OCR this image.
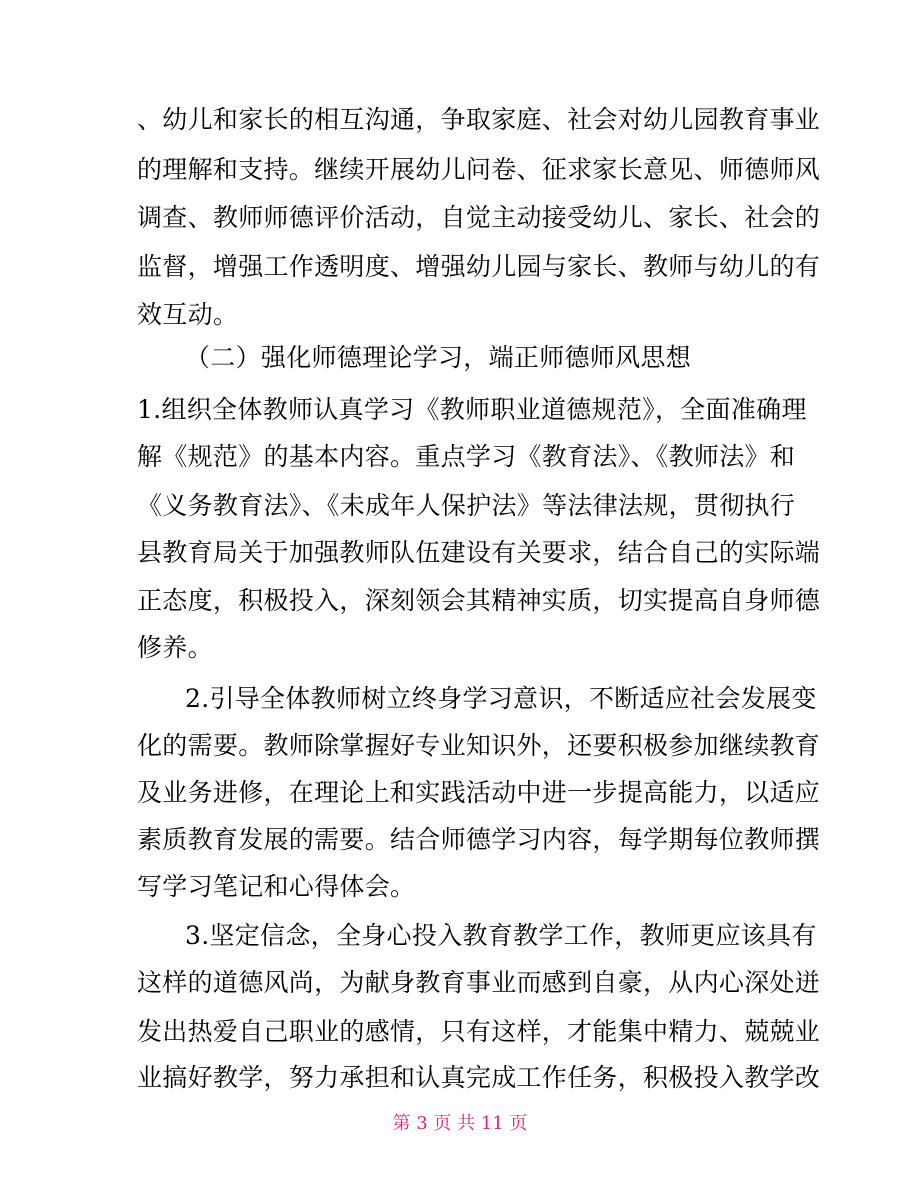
、幼儿和家长的相互沟通，争取家庭、社会对幼儿园教育事业
的理解和支持。继续开展幼儿问卷、征求家长意见、师德师风
调查、教师师德评价活动，自觉主动接受幼儿、家长、社会的
监督，增强工作透明度、增强幼儿园与家长、教师与幼儿的有
效互动。
（二）强化师德理论学习，端正师德师风思想
1.组织全体教师认真学习《教师职业道德规范》，全面准确理
解《规范》的基本内容。重点学习《教育法》、《教师法》和
《义务教育法》、《未成年人保护法》等法律法规，贯彻执行
县教育局关于加强教师队伍建设有关要求，结合自己的实际端
正态度，积极投入，深刻领会其精神实质，切实提高自身师德
修养。
2.引导全体教师树立终身学习意识，不断适应社会发展变
化的需要。教师除掌握好专业知识外，还要积极参加继续教育
及业务进修，在理论上和实践活动中进一步提高能力，以适应
素质教育发展的需要。结合师德学习内容，每学期每位教师撰
写学习笔记和心得体会。
3.坚定信念，全身心投入教育教学工作，教师更应该具有
这样的道德风尚，为献身教育事业而感到自豪，从内心深处迸
发出热爱自己职业的感情，只有这样，才能集中精力、兢兢业
业搞好教学，努力承担和认真完成工作任务，积极投入教学改
第 3 页 共 11 页
